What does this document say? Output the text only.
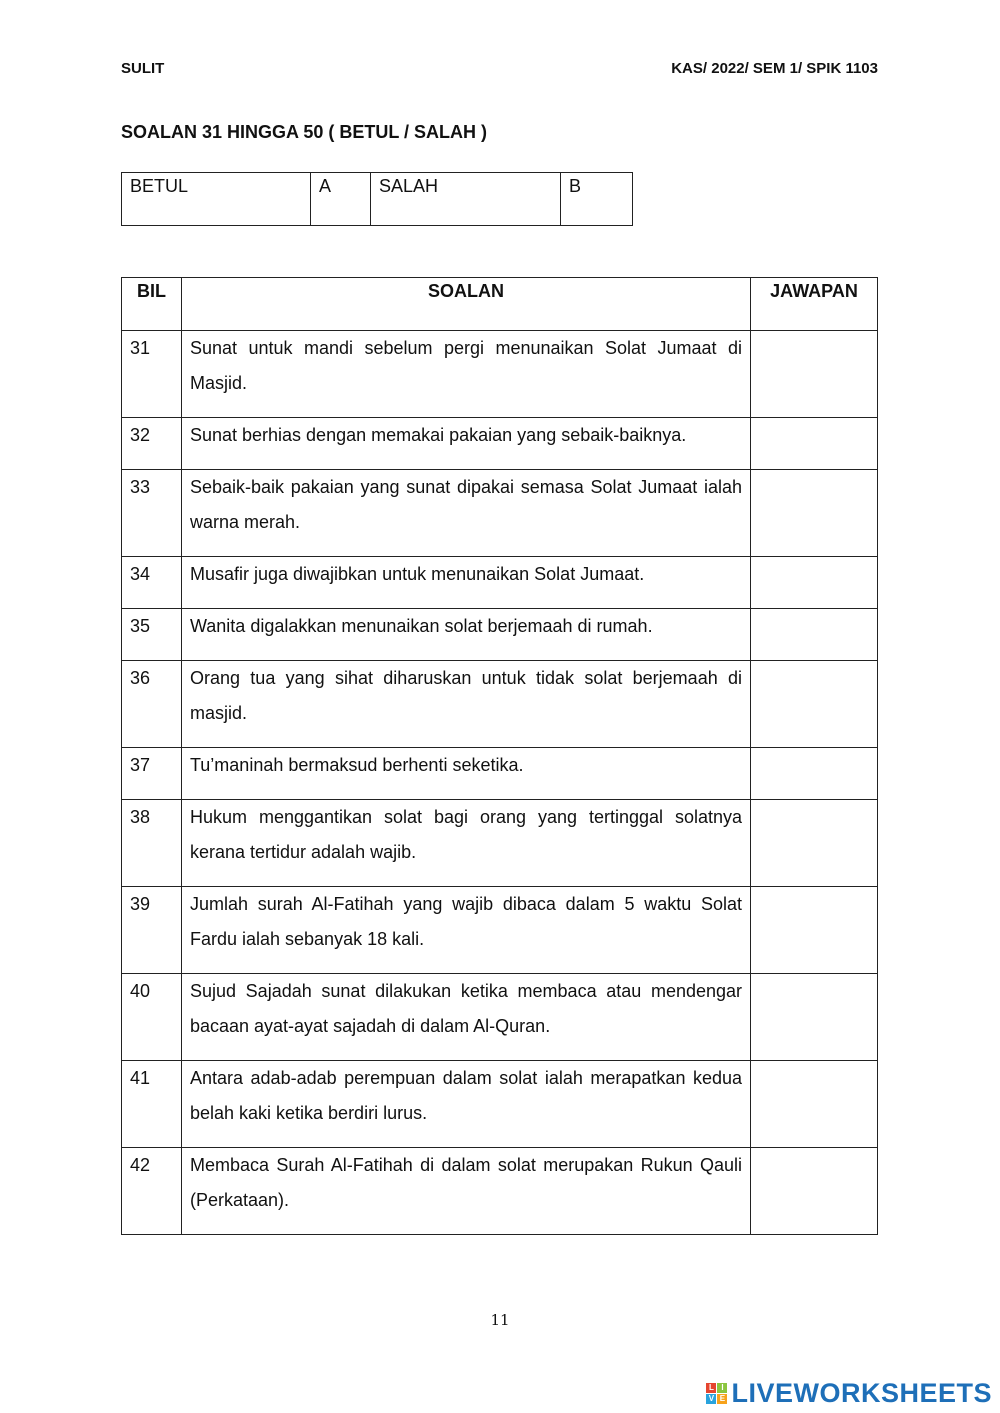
SULIT	KAS/ 2022/ SEM 1/ SPIK 1103
SOALAN 31 HINGGA 50 ( BETUL / SALAH )
BETUL	A	SALAH	B
BIL	SOALAN	JAWAPAN
31	Sunat untuk mandi sebelum pergi menunaikan Solat Jumaat di Masjid.	
32	Sunat berhias dengan memakai pakaian yang sebaik-baiknya.	
33	Sebaik-baik pakaian yang sunat dipakai semasa Solat Jumaat ialah warna merah.	
34	Musafir juga diwajibkan untuk menunaikan Solat Jumaat.	
35	Wanita digalakkan menunaikan solat berjemaah di rumah.	
36	Orang tua yang sihat diharuskan untuk tidak solat berjemaah di masjid.	
37	Tu’maninah bermaksud berhenti seketika.	
38	Hukum menggantikan solat bagi orang yang tertinggal solatnya kerana tertidur adalah wajib.	
39	Jumlah surah Al-Fatihah yang wajib dibaca dalam 5 waktu Solat Fardu ialah sebanyak 18 kali.	
40	Sujud Sajadah sunat dilakukan ketika membaca atau mendengar bacaan ayat-ayat sajadah di dalam Al-Quran.	
41	Antara adab-adab perempuan dalam solat ialah merapatkan kedua belah kaki ketika berdiri lurus.	
42	Membaca Surah Al-Fatihah di dalam solat merupakan Rukun Qauli (Perkataan).	
11
L I
V E LIVEWORKSHEETS
